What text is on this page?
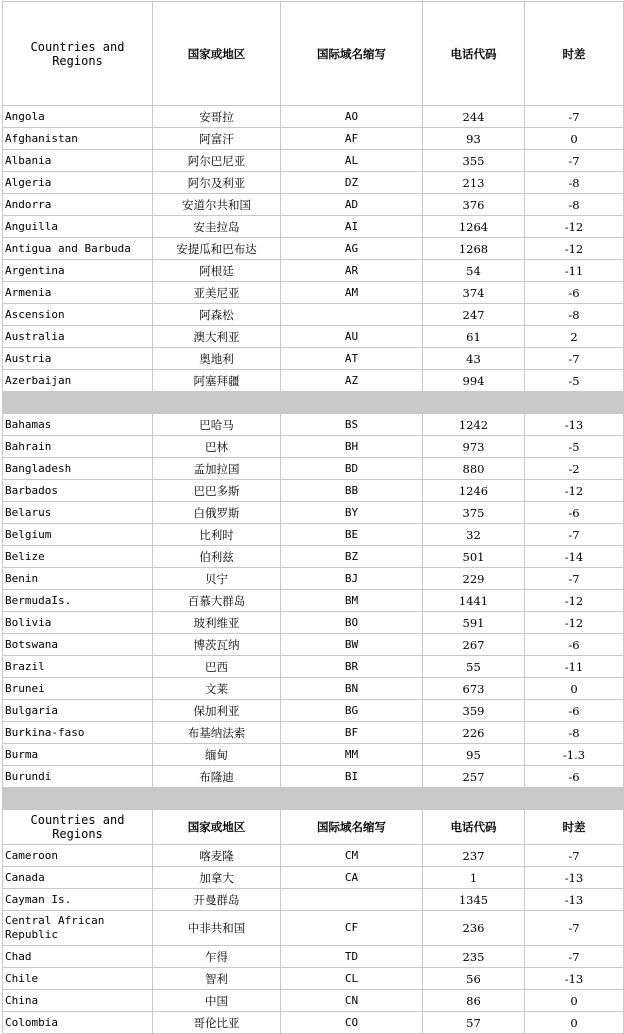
Countries and Regions	国家或地区	国际域名缩写	电话代码	时差
Angola	安哥拉	AO	244	-7
Afghanistan	阿富汗	AF	93	0
Albania	阿尔巴尼亚	AL	355	-7
Algeria	阿尔及利亚	DZ	213	-8
Andorra	安道尔共和国	AD	376	-8
Anguilla	安圭拉岛	AI	1264	-12
Antigua and Barbuda	安提瓜和巴布达	AG	1268	-12
Argentina	阿根廷	AR	54	-11
Armenia	亚美尼亚	AM	374	-6
Ascension	阿森松		247	-8
Australia	澳大利亚	AU	61	2
Austria	奥地利	AT	43	-7
Azerbaijan	阿塞拜疆	AZ	994	-5

Bahamas	巴哈马	BS	1242	-13
Bahrain	巴林	BH	973	-5
Bangladesh	孟加拉国	BD	880	-2
Barbados	巴巴多斯	BB	1246	-12
Belarus	白俄罗斯	BY	375	-6
Belgium	比利时	BE	32	-7
Belize	伯利兹	BZ	501	-14
Benin	贝宁	BJ	229	-7
BermudaIs.	百慕大群岛	BM	1441	-12
Bolivia	玻利维亚	BO	591	-12
Botswana	博茨瓦纳	BW	267	-6
Brazil	巴西	BR	55	-11
Brunei	文莱	BN	673	0
Bulgaria	保加利亚	BG	359	-6
Burkina-faso	布基纳法索	BF	226	-8
Burma	缅甸	MM	95	-1.3
Burundi	布隆迪	BI	257	-6

Countries and Regions	国家或地区	国际域名缩写	电话代码	时差
Cameroon	喀麦隆	CM	237	-7
Canada	加拿大	CA	1	-13
Cayman Is.	开曼群岛		1345	-13
Central African Republic	中非共和国	CF	236	-7
Chad	乍得	TD	235	-7
Chile	智利	CL	56	-13
China	中国	CN	86	0
Colombia	哥伦比亚	CO	57	0
